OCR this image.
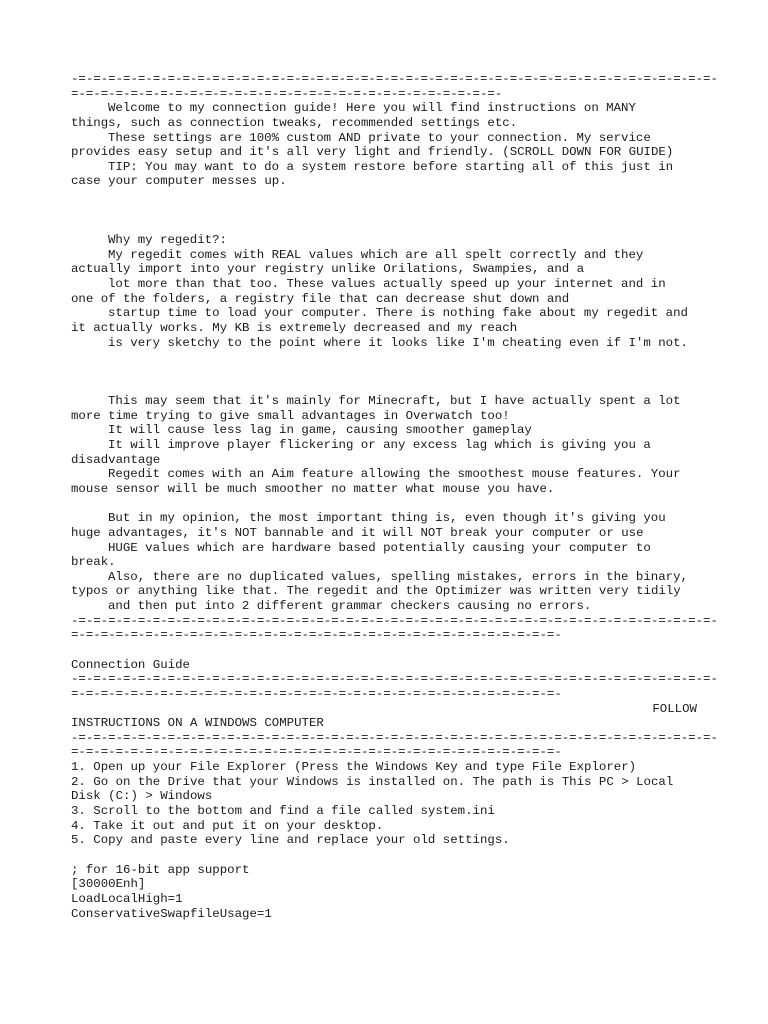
-=-=-=-=-=-=-=-=-=-=-=-=-=-=-=-=-=-=-=-=-=-=-=-=-=-=-=-=-=-=-=-=-=-=-=-=-=-=-=-=-=-=-=-
=-=-=-=-=-=-=-=-=-=-=-=-=-=-=-=-=-=-=-=-=-=-=-=-=-=-=-=-=-
Welcome to my connection guide! Here you will find instructions on MANY
things, such as connection tweaks, recommended settings etc.
These settings are 100% custom AND private to your connection. My service
provides easy setup and it's all very light and friendly. (SCROLL DOWN FOR GUIDE)
TIP: You may want to do a system restore before starting all of this just in
case your computer messes up.
Why my regedit?:
My regedit comes with REAL values which are all spelt correctly and they
actually import into your registry unlike Orilations, Swampies, and a
lot more than that too. These values actually speed up your internet and in
one of the folders, a registry file that can decrease shut down and
startup time to load your computer. There is nothing fake about my regedit and
it actually works. My KB is extremely decreased and my reach
is very sketchy to the point where it looks like I'm cheating even if I'm not.
This may seem that it's mainly for Minecraft, but I have actually spent a lot
more time trying to give small advantages in Overwatch too!
It will cause less lag in game, causing smoother gameplay
It will improve player flickering or any excess lag which is giving you a
disadvantage
Regedit comes with an Aim feature allowing the smoothest mouse features. Your
mouse sensor will be much smoother no matter what mouse you have.
But in my opinion, the most important thing is, even though it's giving you
huge advantages, it's NOT bannable and it will NOT break your computer or use
HUGE values which are hardware based potentially causing your computer to
break.
Also, there are no duplicated values, spelling mistakes, errors in the binary,
typos or anything like that. The regedit and the Optimizer was written very tidily
and then put into 2 different grammar checkers causing no errors.
-=-=-=-=-=-=-=-=-=-=-=-=-=-=-=-=-=-=-=-=-=-=-=-=-=-=-=-=-=-=-=-=-=-=-=-=-=-=-=-=-=-=-=-
=-=-=-=-=-=-=-=-=-=-=-=-=-=-=-=-=-=-=-=-=-=-=-=-=-=-=-=-=-=-=-=-=-
Connection Guide
-=-=-=-=-=-=-=-=-=-=-=-=-=-=-=-=-=-=-=-=-=-=-=-=-=-=-=-=-=-=-=-=-=-=-=-=-=-=-=-=-=-=-=-
=-=-=-=-=-=-=-=-=-=-=-=-=-=-=-=-=-=-=-=-=-=-=-=-=-=-=-=-=-=-=-=-=-
FOLLOW
INSTRUCTIONS ON A WINDOWS COMPUTER
-=-=-=-=-=-=-=-=-=-=-=-=-=-=-=-=-=-=-=-=-=-=-=-=-=-=-=-=-=-=-=-=-=-=-=-=-=-=-=-=-=-=-=-
=-=-=-=-=-=-=-=-=-=-=-=-=-=-=-=-=-=-=-=-=-=-=-=-=-=-=-=-=-=-=-=-=-
1. Open up your File Explorer (Press the Windows Key and type File Explorer)
2. Go on the Drive that your Windows is installed on. The path is This PC > Local
Disk (C:) > Windows
3. Scroll to the bottom and find a file called system.ini
4. Take it out and put it on your desktop.
5. Copy and paste every line and replace your old settings.
; for 16-bit app support
[30000Enh]
LoadLocalHigh=1
ConservativeSwapfileUsage=1
